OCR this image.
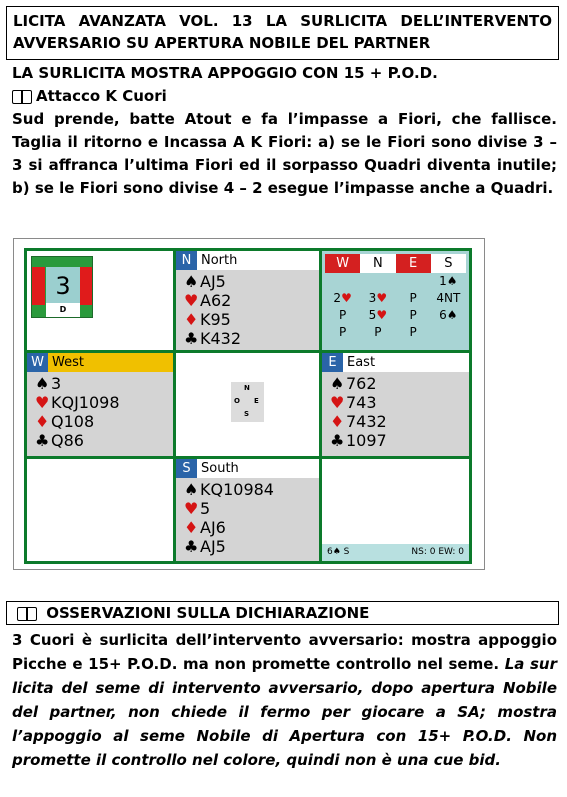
LICITA AVANZATA VOL. 13 LA SURLICITA DELL’INTERVENTO
AVVERSARIO SU APERTURA NOBILE DEL PARTNER
LA SURLICITA MOSTRA APPOGGIO CON 15 + P.O.D.
Attacco K Cuori
Sud prende, batte Atout e fa l’impasse a Fiori, che fallisce. Taglia il ritorno e Incassa A K Fiori: a) se le Fiori sono divise 3 – 3 si affranca l’ultima Fiori ed il sorpasso Quadri diventa inutile; b) se le Fiori sono divise 4 – 2 esegue l’impasse anche a Quadri.
3
D
N North
♠ AJ5
♥ A62
♦ K95
♣ K432
W	N	E	S
			1♠
2♥	3♥	P	4NT
P	5♥	P	6♠
P	P	P	
W West
♠ 3
♥ KQJ1098
♦ Q108
♣ Q86
N
O E
S
E East
♠ 762
♥ 743
♦ 7432
♣ 1097
S South
♠ KQ10984
♥ 5
♦ AJ6
♣ AJ5	6♠ S	NS: 0 EW: 0
OSSERVAZIONI SULLA DICHIARAZIONE
3 Cuori è surlicita dell’intervento avversario: mostra appoggio Picche e 15+ P.O.D. ma non promette controllo nel seme. La sur licita del seme di intervento avversario, dopo apertura Nobile del partner, non chiede il fermo per giocare a SA; mostra l’appoggio al seme Nobile di Apertura con 15+ P.O.D. Non promette il controllo nel colore, quindi non è una cue bid.
